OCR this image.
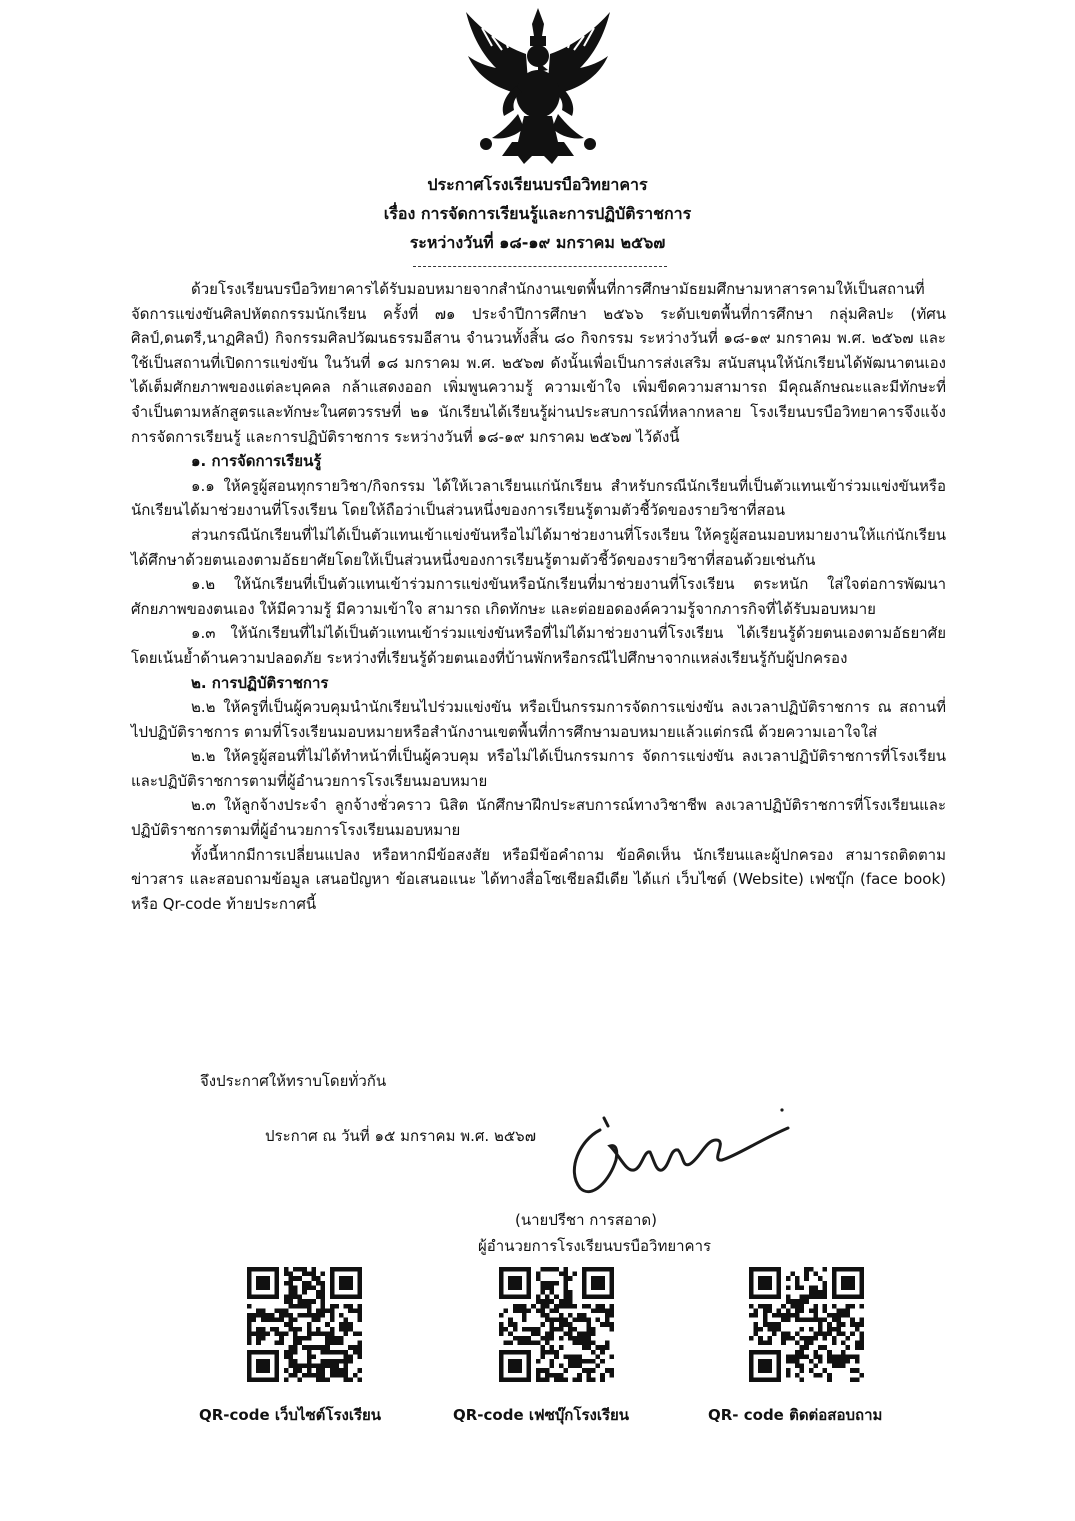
ประกาศโรงเรียนบรบือวิทยาคาร
เรื่อง การจัดการเรียนรู้และการปฏิบัติราชการ
ระหว่างวันที่ ๑๘-๑๙ มกราคม ๒๕๖๗

ด้วยโรงเรียนบรบือวิทยาคารได้รับมอบหมายจากสำนักงานเขตพื้นที่การศึกษามัธยมศึกษามหาสารคามให้เป็นสถานที่จัดการแข่งขันศิลปหัตถกรรมนักเรียน ครั้งที่ ๗๑ ประจำปีการศึกษา ๒๕๖๖ ระดับเขตพื้นที่การศึกษา กลุ่มศิลปะ (ทัศนศิลป์,ดนตรี,นาฏศิลป์) กิจกรรมศิลปวัฒนธรรมอีสาน จำนวนทั้งสิ้น ๘๐ กิจกรรม ระหว่างวันที่ ๑๘-๑๙ มกราคม พ.ศ. ๒๕๖๗ และใช้เป็นสถานที่เปิดการแข่งขัน ในวันที่ ๑๘ มกราคม พ.ศ. ๒๕๖๗ ดังนั้นเพื่อเป็นการส่งเสริม สนับสนุนให้นักเรียนได้พัฒนาตนเองได้เต็มศักยภาพของแต่ละบุคคล กล้าแสดงออก เพิ่มพูนความรู้ ความเข้าใจ เพิ่มขีดความสามารถ มีคุณลักษณะและมีทักษะที่จำเป็นตามหลักสูตรและทักษะในศตวรรษที่ ๒๑ นักเรียนได้เรียนรู้ผ่านประสบการณ์ที่หลากหลาย โรงเรียนบรบือวิทยาคารจึงแจ้งการจัดการเรียนรู้ และการปฏิบัติราชการ ระหว่างวันที่ ๑๘-๑๙ มกราคม ๒๕๖๗ ไว้ดังนี้

๑. การจัดการเรียนรู้

๑.๑ ให้ครูผู้สอนทุกรายวิชา/กิจกรรม ได้ให้เวลาเรียนแก่นักเรียน สำหรับกรณีนักเรียนที่เป็นตัวแทนเข้าร่วมแข่งขันหรือนักเรียนได้มาช่วยงานที่โรงเรียน โดยให้ถือว่าเป็นส่วนหนึ่งของการเรียนรู้ตามตัวชี้วัดของรายวิชาที่สอน

ส่วนกรณีนักเรียนที่ไม่ได้เป็นตัวแทนเข้าแข่งขันหรือไม่ได้มาช่วยงานที่โรงเรียน ให้ครูผู้สอนมอบหมายงานให้แก่นักเรียนได้ศึกษาด้วยตนเองตามอัธยาศัยโดยให้เป็นส่วนหนึ่งของการเรียนรู้ตามตัวชี้วัดของรายวิชาที่สอนด้วยเช่นกัน

๑.๒ ให้นักเรียนที่เป็นตัวแทนเข้าร่วมการแข่งขันหรือนักเรียนที่มาช่วยงานที่โรงเรียน ตระหนัก ใส่ใจต่อการพัฒนาศักยภาพของตนเอง ให้มีความรู้ มีความเข้าใจ สามารถ เกิดทักษะ และต่อยอดองค์ความรู้จากภารกิจที่ได้รับมอบหมาย

๑.๓ ให้นักเรียนที่ไม่ได้เป็นตัวแทนเข้าร่วมแข่งขันหรือที่ไม่ได้มาช่วยงานที่โรงเรียน ได้เรียนรู้ด้วยตนเองตามอัธยาศัยโดยเน้นย้ำด้านความปลอดภัย ระหว่างที่เรียนรู้ด้วยตนเองที่บ้านพักหรือกรณีไปศึกษาจากแหล่งเรียนรู้กับผู้ปกครอง

๒. การปฏิบัติราชการ

๒.๒ ให้ครูที่เป็นผู้ควบคุมนำนักเรียนไปร่วมแข่งขัน หรือเป็นกรรมการจัดการแข่งขัน ลงเวลาปฏิบัติราชการ ณ สถานที่ไปปฏิบัติราชการ ตามที่โรงเรียนมอบหมายหรือสำนักงานเขตพื้นที่การศึกษามอบหมายแล้วแต่กรณี ด้วยความเอาใจใส่

๒.๒ ให้ครูผู้สอนที่ไม่ได้ทำหน้าที่เป็นผู้ควบคุม หรือไม่ได้เป็นกรรมการ จัดการแข่งขัน ลงเวลาปฏิบัติราชการที่โรงเรียน และปฏิบัติราชการตามที่ผู้อำนวยการโรงเรียนมอบหมาย

๒.๓ ให้ลูกจ้างประจำ ลูกจ้างชั่วคราว นิสิต นักศึกษาฝึกประสบการณ์ทางวิชาชีพ ลงเวลาปฏิบัติราชการที่โรงเรียนและปฏิบัติราชการตามที่ผู้อำนวยการโรงเรียนมอบหมาย

ทั้งนี้หากมีการเปลี่ยนแปลง หรือหากมีข้อสงสัย หรือมีข้อคำถาม ข้อคิดเห็น นักเรียนและผู้ปกครอง สามารถติดตามข่าวสาร และสอบถามข้อมูล เสนอปัญหา ข้อเสนอแนะ ได้ทางสื่อโซเชียลมีเดีย ได้แก่ เว็บไซต์ (Website) เฟซบุ๊ก (face book) หรือ Qr-code ท้ายประกาศนี้

จึงประกาศให้ทราบโดยทั่วกัน
ประกาศ ณ วันที่ ๑๕ มกราคม พ.ศ. ๒๕๖๗
(นายปรีชา การสอาด)
ผู้อำนวยการโรงเรียนบรบือวิทยาคาร
QR-code เว็บไซต์โรงเรียน	QR-code เฟซบุ๊กโรงเรียน	QR- code ติดต่อสอบถาม
